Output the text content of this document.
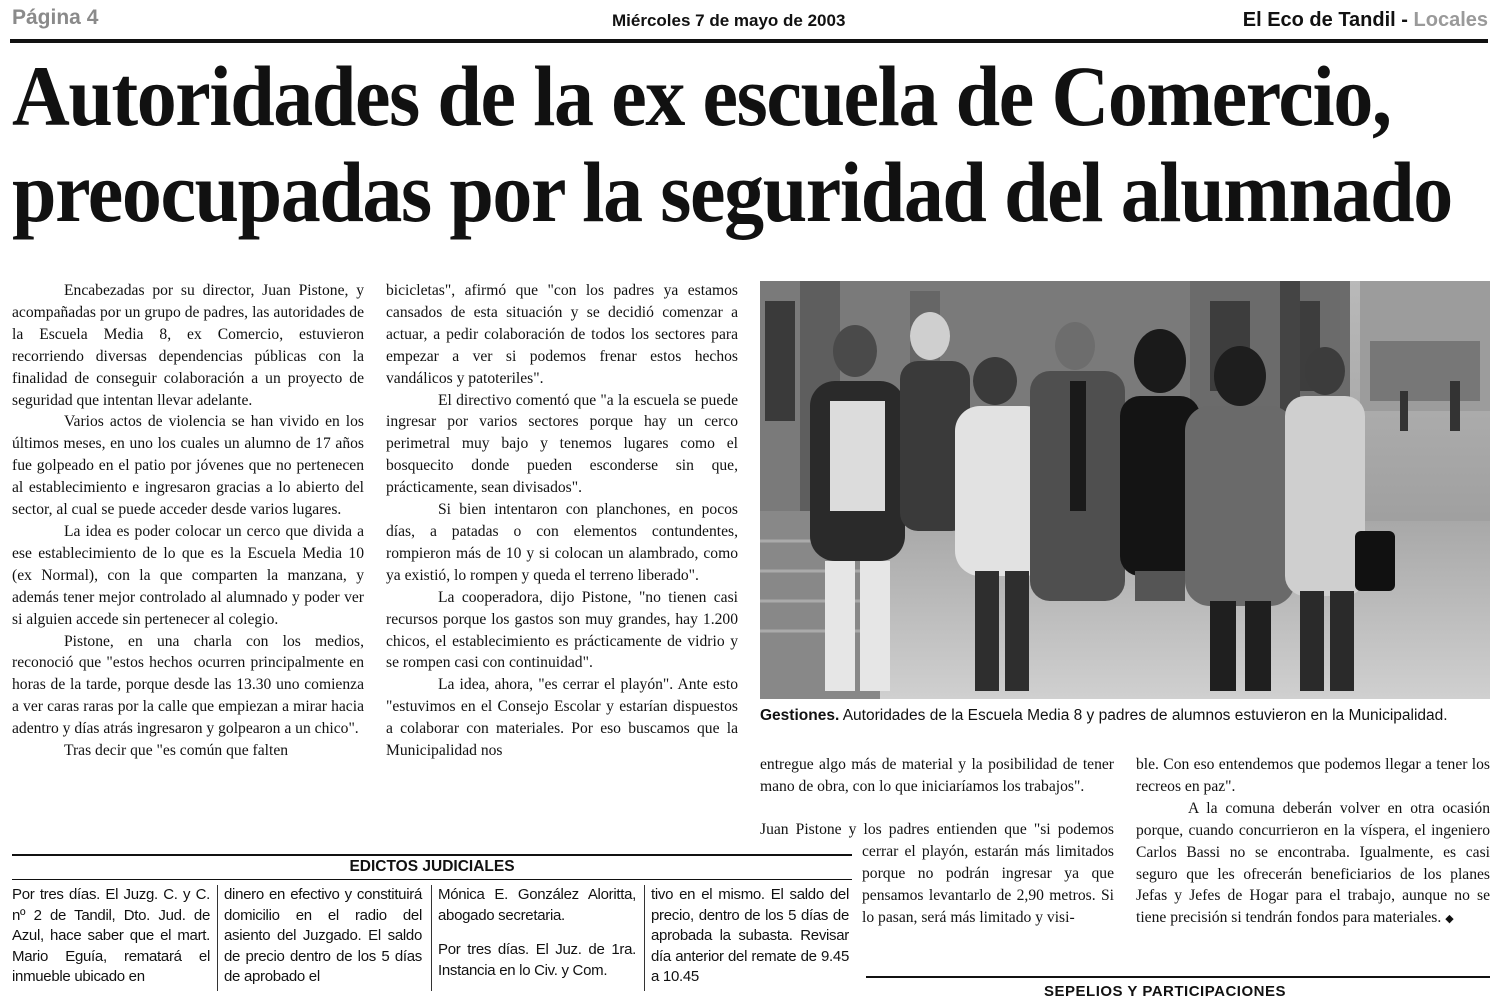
Página 4	Miércoles 7 de mayo de 2003	El Eco de Tandil - Locales
Autoridades de la ex escuela de Comercio,
preocupadas por la seguridad del alumnado

Encabezadas por su director, Juan Pistone, y acompañadas por un grupo de padres, las autoridades de la Escuela Media 8, ex Comercio, estuvieron recorriendo diversas dependencias públicas con la finalidad de conseguir colaboración a un proyecto de seguridad que intentan llevar adelante.

Varios actos de violencia se han vivido en los últimos meses, en uno los cuales un alumno de 17 años fue golpeado en el patio por jóvenes que no pertenecen al establecimiento e ingresaron gracias a lo abierto del sector, al cual se puede acceder desde varios lugares.

La idea es poder colocar un cerco que divida a ese establecimiento de lo que es la Escuela Media 10 (ex Normal), con la que comparten la manzana, y además tener mejor controlado al alumnado y poder ver si alguien accede sin pertenecer al colegio.

Pistone, en una charla con los medios, reconoció que "estos hechos ocurren principalmente en horas de la tarde, porque desde las 13.30 uno comienza a ver caras raras por la calle que empiezan a mirar hacia adentro y días atrás ingresaron y golpearon a un chico".

Tras decir que "es común que falten

bicicletas", afirmó que "con los padres ya estamos cansados de esta situación y se decidió comenzar a actuar, a pedir colaboración de todos los sectores para empezar a ver si podemos frenar estos hechos vandálicos y patoteriles".

El directivo comentó que "a la escuela se puede ingresar por varios sectores porque hay un cerco perimetral muy bajo y tenemos lugares como el bosquecito donde pueden esconderse sin que, prácticamente, sean divisados".

Si bien intentaron con planchones, en pocos días, a patadas o con elementos contundentes, rompieron más de 10 y si colocan un alambrado, como ya existió, lo rompen y queda el terreno liberado".

La cooperadora, dijo Pistone, "no tienen casi recursos porque los gastos son muy grandes, hay 1.200 chicos, el establecimiento es prácticamente de vidrio y se rompen casi con continuidad".

La idea, ahora, "es cerrar el playón". Ante esto "estuvimos en el Consejo Escolar y estarían dispuestos a colaborar con materiales. Por eso buscamos que la Municipalidad nos

Gestiones. Autoridades de la Escuela Media 8 y padres de alumnos estuvieron en la Municipalidad.

entregue algo más de material y la posibilidad de tener mano de obra, con lo que iniciaríamos los trabajos".

Juan Pistone y los padres entienden que "si podemos cerrar el playón, estarán más limitados porque no podrán ingresar ya que pensamos levantarlo de 2,90 metros. Si lo pasan, será más limitado y visi-

ble. Con eso entendemos que podemos llegar a tener los recreos en paz".

A la comuna deberán volver en otra ocasión porque, cuando concurrieron en la víspera, el ingeniero Carlos Bassi no se encontraba. Igualmente, es casi seguro que les ofrecerán beneficiarios de los planes Jefas y Jefes de Hogar para el trabajo, aunque no se tiene precisión si tendrán fondos para materiales. ◆

EDICTOS JUDICIALES

Por tres días. El Juzg. C. y C. nº 2 de Tandil, Dto. Jud. de Azul, hace saber que el mart. Mario Eguía, rematará el inmueble ubicado en

dinero en efectivo y constituirá domicilio en el radio del asiento del Juzgado. El saldo de precio dentro de los 5 días de aprobado el

Mónica E. González Aloritta, abogado secretaria.

Por tres días. El Juz. de 1ra. Instancia en lo Civ. y Com.

tivo en el mismo. El saldo del precio, dentro de los 5 días de aprobada la subasta. Revisar día anterior del remate de 9.45 a 10.45

SEPELIOS Y PARTICIPACIONES
